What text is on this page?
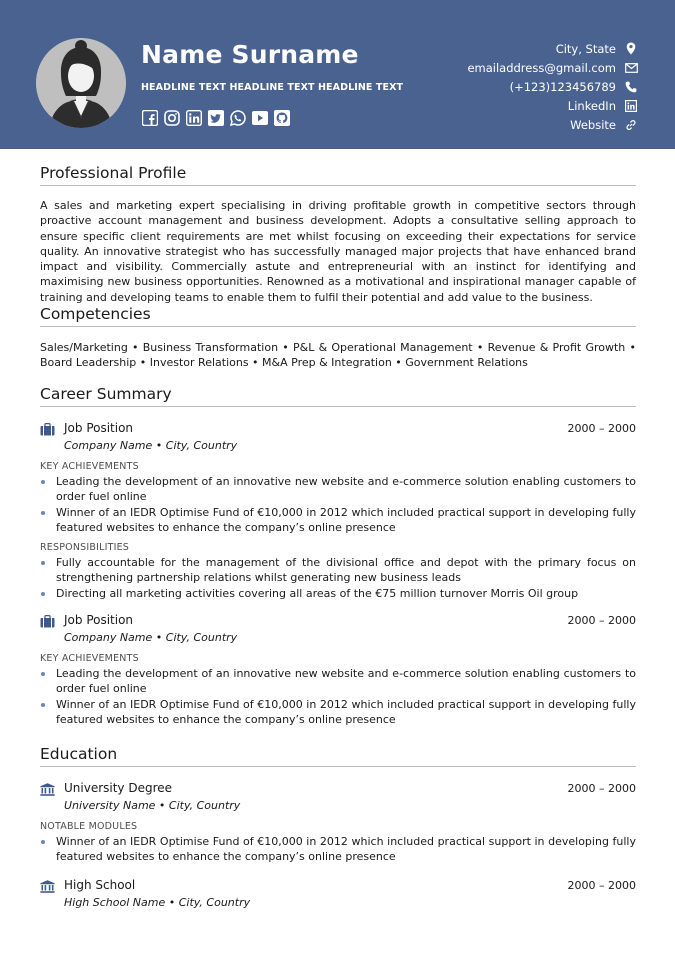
Name Surname
HEADLINE TEXT HEADLINE TEXT HEADLINE TEXT
City, State
emailaddress@gmail.com
(+123)123456789
LinkedIn
Website
Professional Profile
A sales and marketing expert specialising in driving profitable growth in competitive sectors through proactive account management and business development. Adopts a consultative selling approach to ensure specific client requirements are met whilst focusing on exceeding their expectations for service quality. An innovative strategist who has successfully managed major projects that have enhanced brand impact and visibility. Commercially astute and entrepreneurial with an instinct for identifying and maximising new business opportunities. Renowned as a motivational and inspirational manager capable of training and developing teams to enable them to fulfil their potential and add value to the business.
Competencies
Sales/Marketing • Business Transformation • P&L & Operational Management • Revenue & Profit Growth • Board Leadership • Investor Relations • M&A Prep & Integration • Government Relations
Career Summary
Job Position	2000 – 2000
Company Name • City, Country
KEY ACHIEVEMENTS
Leading the development of an innovative new website and e-commerce solution enabling customers to order fuel online
Winner of an IEDR Optimise Fund of €10,000 in 2012 which included practical support in developing fully featured websites to enhance the company’s online presence
RESPONSIBILITIES
Fully accountable for the management of the divisional office and depot with the primary focus on strengthening partnership relations whilst generating new business leads
Directing all marketing activities covering all areas of the €75 million turnover Morris Oil group
Job Position	2000 – 2000
Company Name • City, Country
KEY ACHIEVEMENTS
Leading the development of an innovative new website and e-commerce solution enabling customers to order fuel online
Winner of an IEDR Optimise Fund of €10,000 in 2012 which included practical support in developing fully featured websites to enhance the company’s online presence
Education
University Degree	2000 – 2000
University Name • City, Country
NOTABLE MODULES
Winner of an IEDR Optimise Fund of €10,000 in 2012 which included practical support in developing fully featured websites to enhance the company’s online presence
High School	2000 – 2000
High School Name • City, Country
